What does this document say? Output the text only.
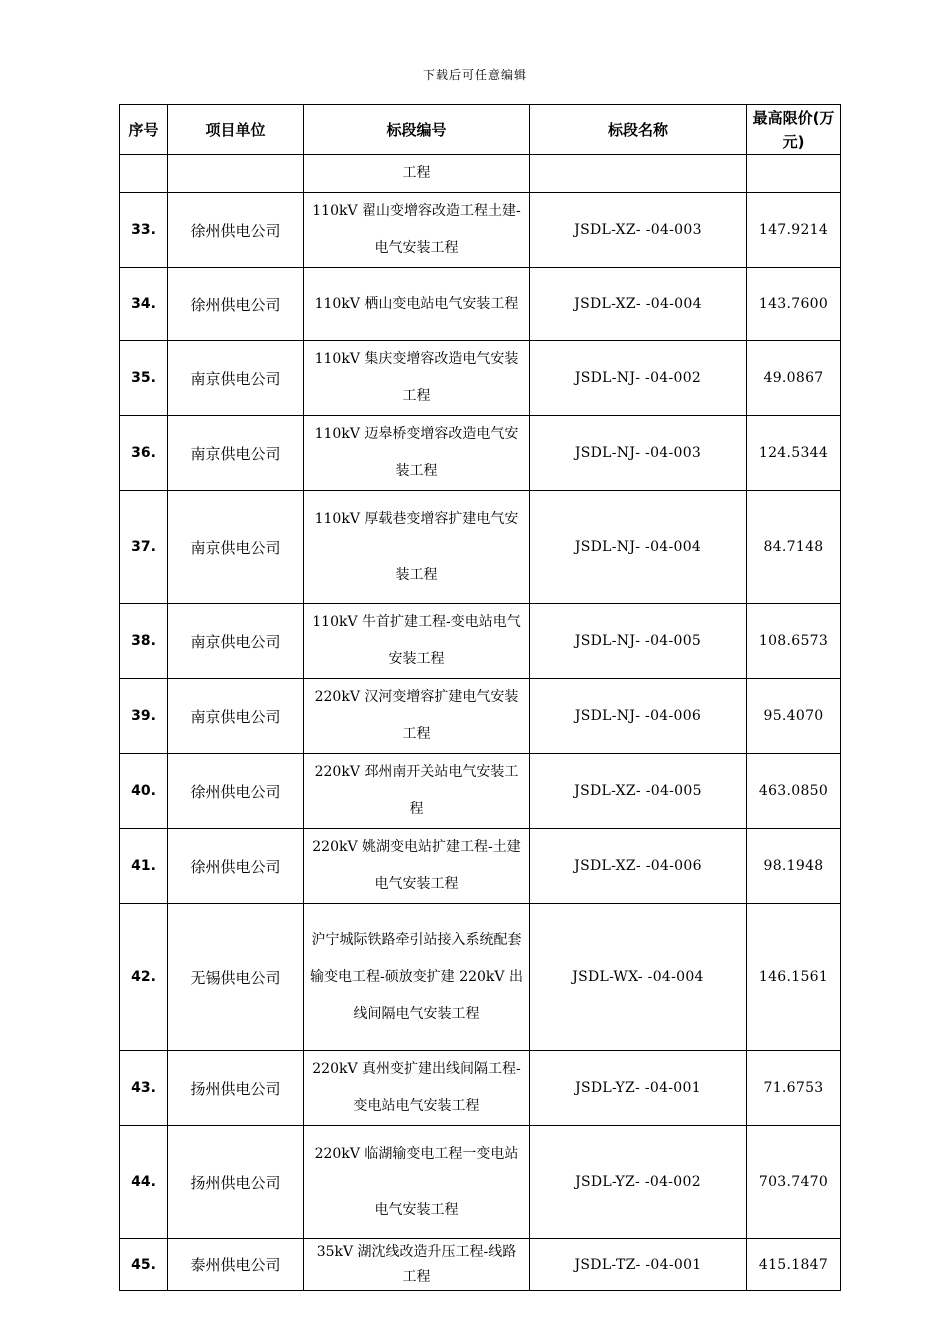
下载后可任意编辑
序号	项目单位	标段编号	标段名称	最高限价(万元)
		工程		
33.	徐州供电公司	110kV 翟山变增容改造工程土建-电气安装工程	JSDL-XZ- -04-003	147.9214
34.	徐州供电公司	110kV 栖山变电站电气安装工程	JSDL-XZ- -04-004	143.7600
35.	南京供电公司	110kV 集庆变增容改造电气安装工程	JSDL-NJ- -04-002	49.0867
36.	南京供电公司	110kV 迈皋桥变增容改造电气安装工程	JSDL-NJ- -04-003	124.5344
37.	南京供电公司	110kV 厚载巷变增容扩建电气安装工程	JSDL-NJ- -04-004	84.7148
38.	南京供电公司	110kV 牛首扩建工程-变电站电气安装工程	JSDL-NJ- -04-005	108.6573
39.	南京供电公司	220kV 汉河变增容扩建电气安装工程	JSDL-NJ- -04-006	95.4070
40.	徐州供电公司	220kV 邳州南开关站电气安装工程	JSDL-XZ- -04-005	463.0850
41.	徐州供电公司	220kV 姚湖变电站扩建工程-土建电气安装工程	JSDL-XZ- -04-006	98.1948
42.	无锡供电公司	沪宁城际铁路牵引站接入系统配套输变电工程-硕放变扩建 220kV 出线间隔电气安装工程	JSDL-WX- -04-004	146.1561
43.	扬州供电公司	220kV 真州变扩建出线间隔工程-变电站电气安装工程	JSDL-YZ- -04-001	71.6753
44.	扬州供电公司	220kV 临湖输变电工程一变电站电气安装工程	JSDL-YZ- -04-002	703.7470
45.	泰州供电公司	35kV 湖沈线改造升压工程-线路工程	JSDL-TZ- -04-001	415.1847
